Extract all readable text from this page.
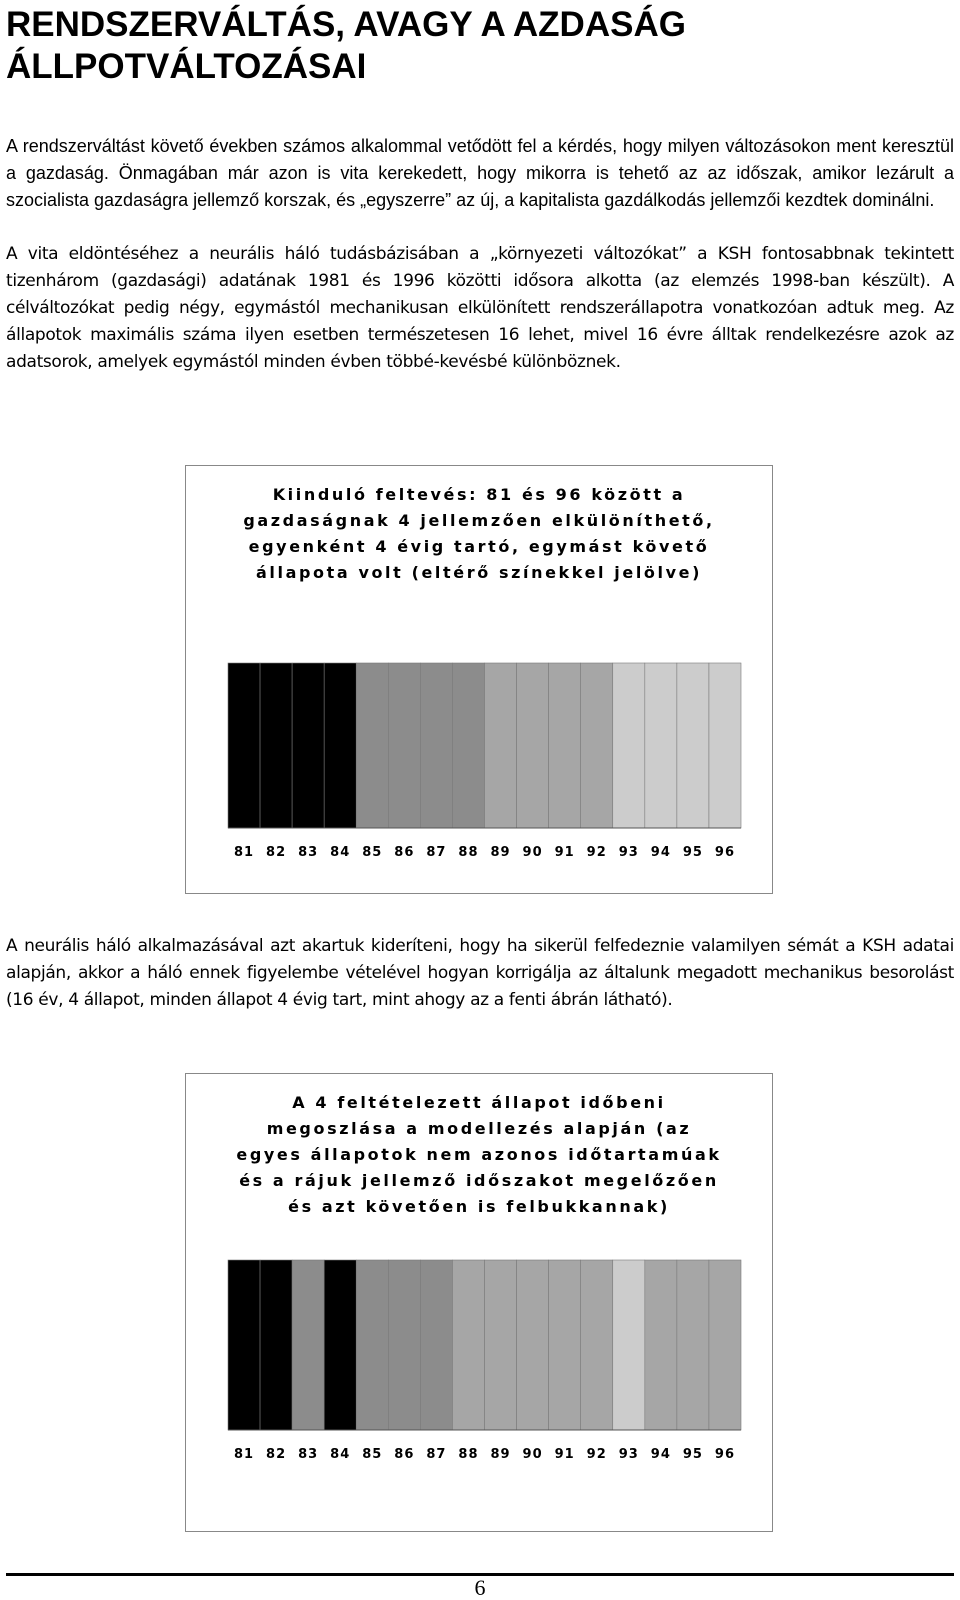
RENDSZERVÁLTÁS, AVAGY A AZDASÁG ÁLLPOTVÁLTOZÁSAI

A rendszerváltást követő években számos alkalommal vetődött fel a kérdés, hogy milyen változásokon ment keresztül a gazdaság. Önmagában már azon is vita kerekedett, hogy mikorra is tehető az az időszak, amikor lezárult a szocialista gazdaságra jellemző korszak, és „egyszerre” az új, a kapitalista gazdálkodás jellemzői kezdtek dominálni.

A vita eldöntéséhez a neurális háló tudásbázisában a „környezeti változókat” a KSH fontosabbnak tekintett tizenhárom (gazdasági) adatának 1981 és 1996 közötti idősora alkotta (az elemzés 1998-ban készült). A célváltozókat pedig négy, egymástól mechanikusan elkülönített rendszerállapotra vonatkozóan adtuk meg. Az állapotok maximális száma ilyen esetben természetesen 16 lehet, mivel 16 évre álltak rendelkezésre azok az adatsorok, amelyek egymástól minden évben többé-kevésbé különböznek.

Kiinduló feltevés: 81 és 96 között a gazdaságnak 4 jellemzően elkülöníthető, egyenként 4 évig tartó, egymást követő állapota volt (eltérő színekkel jelölve)

81 82 83 84 85 86 87 88 89 90 91 92 93 94 95 96

A neurális háló alkalmazásával azt akartuk kideríteni, hogy ha sikerül felfedeznie valamilyen sémát a KSH adatai alapján, akkor a háló ennek figyelembe vételével hogyan korrigálja az általunk megadott mechanikus besorolást (16 év, 4 állapot, minden állapot 4 évig tart, mint ahogy az a fenti ábrán látható).

A 4 feltételezett állapot időbeni megoszlása a modellezés alapján (az egyes állapotok nem azonos időtartamúak és a rájuk jellemző időszakot megelőzően és azt követően is felbukkannak)

81 82 83 84 85 86 87 88 89 90 91 92 93 94 95 96
6
